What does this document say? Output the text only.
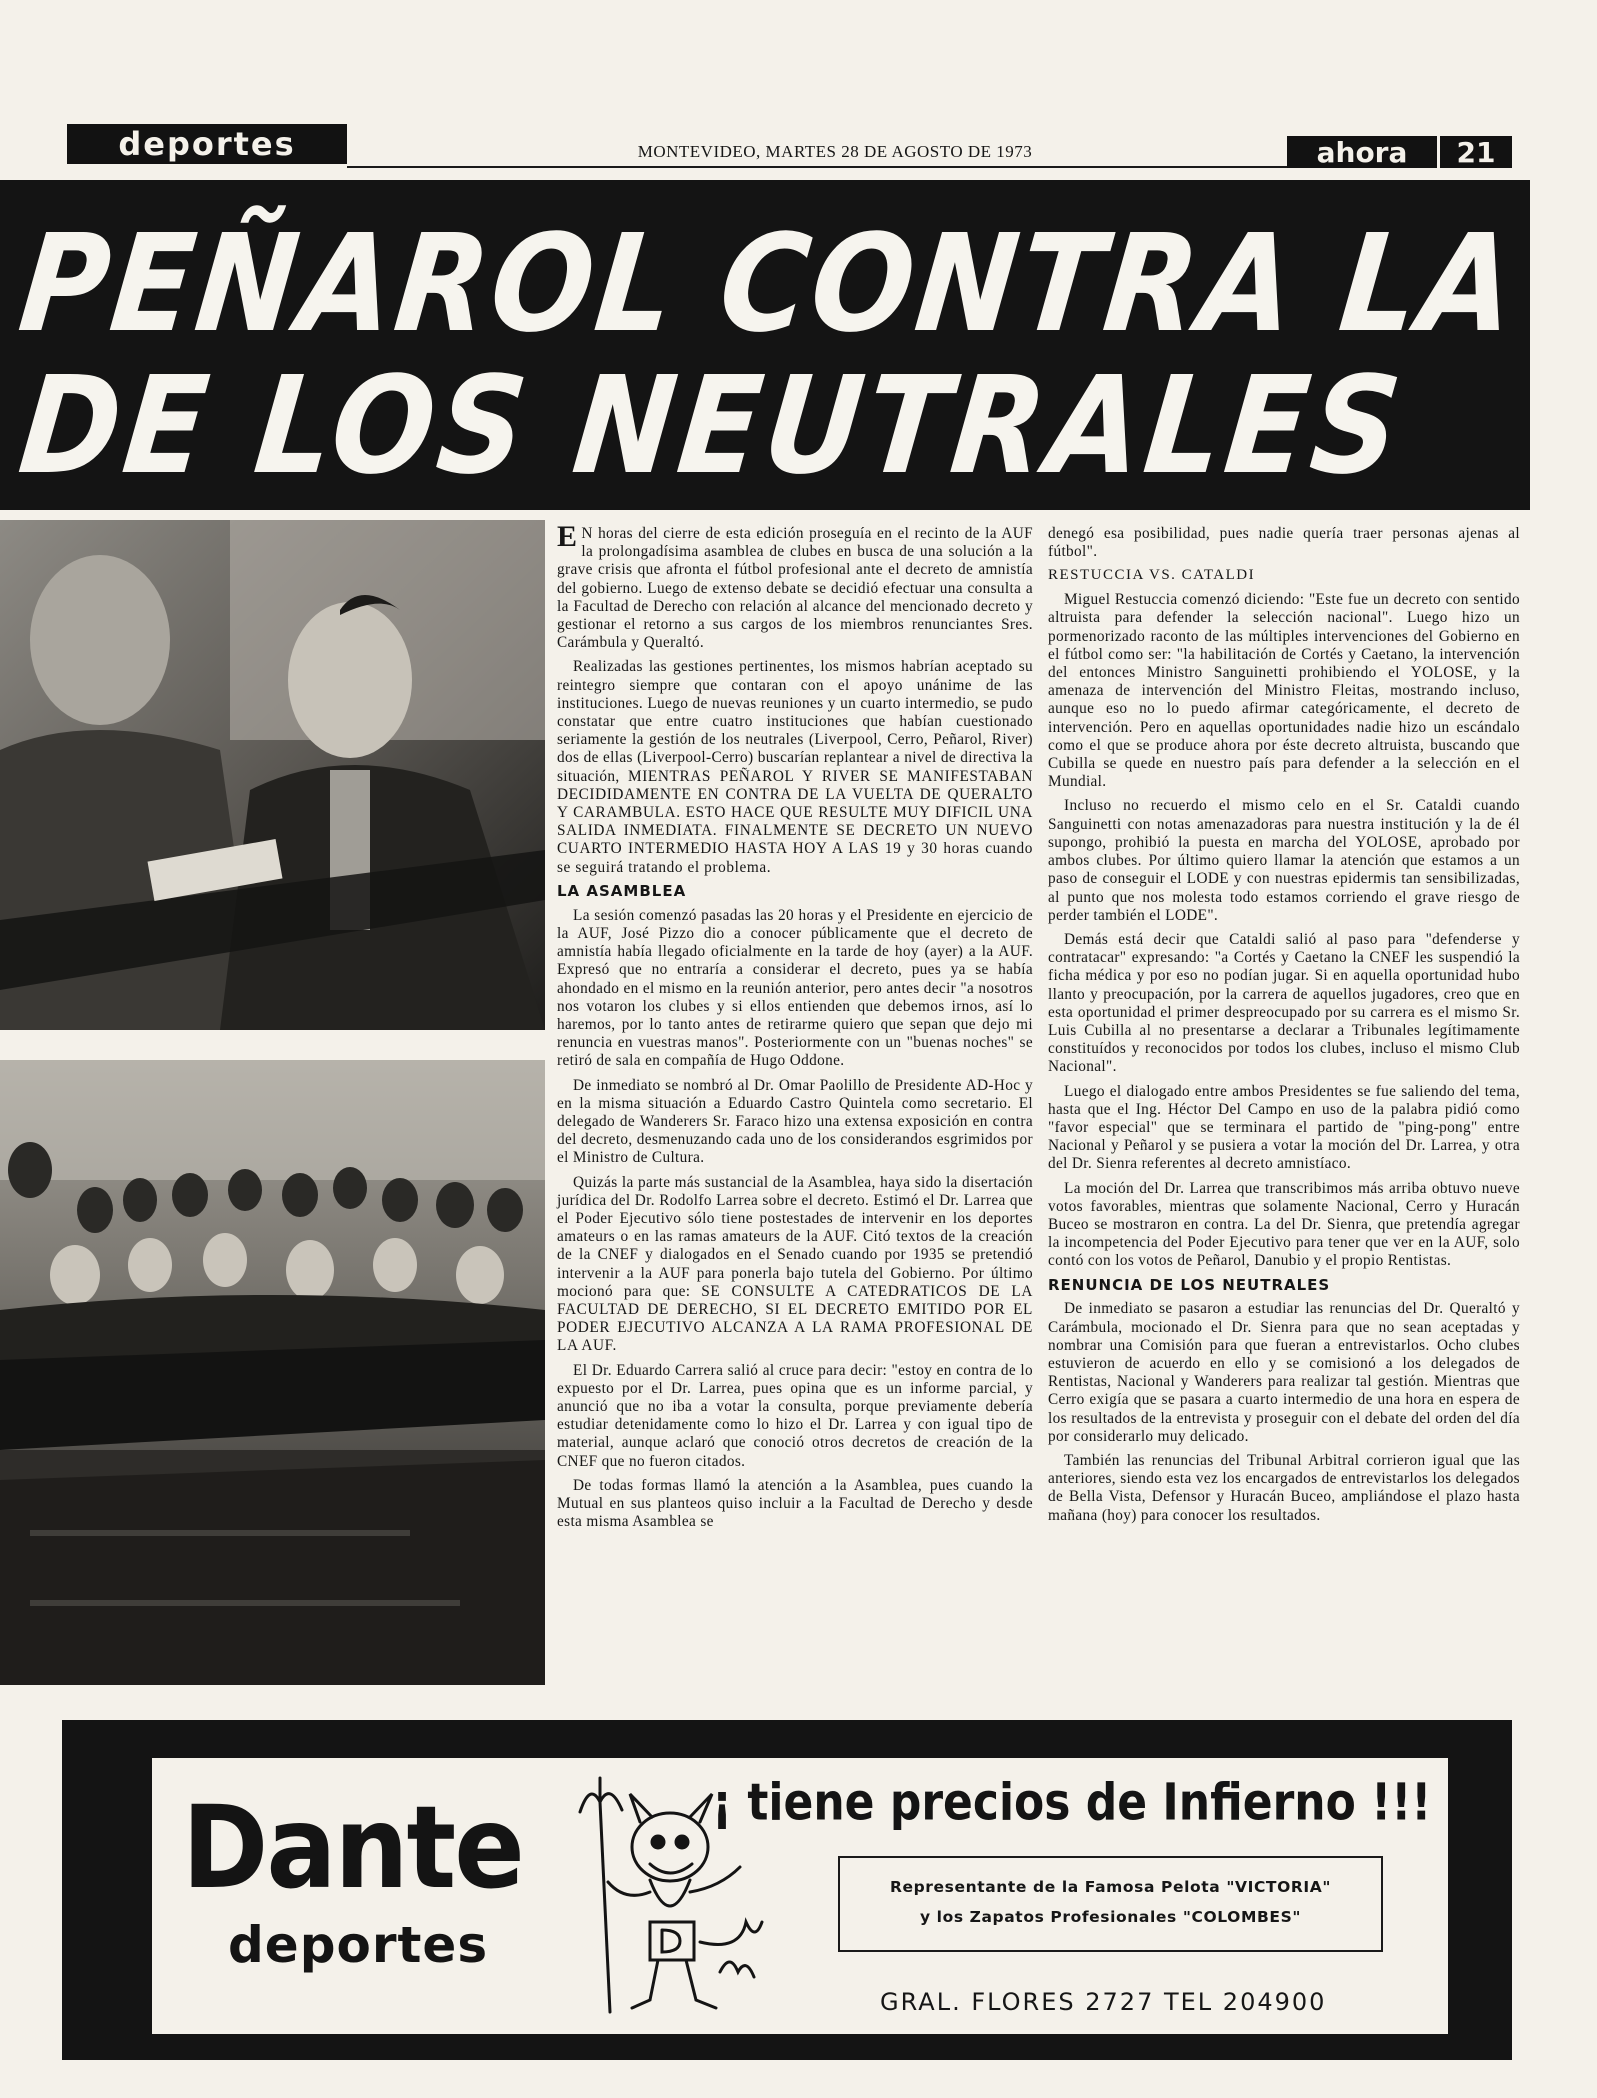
deportes	MONTEVIDEO, MARTES 28 DE AGOSTO DE 1973	ahora	21
PEÑAROL CONTRA LA
DE LOS NEUTRALES

E N horas del cierre de esta edición proseguía en el recinto de la AUF la prolongadísima asamblea de clubes en busca de una solución a la grave crisis que afronta el fútbol profesional ante el decreto de amnistía del gobierno. Luego de extenso debate se decidió efectuar una consulta a la Facultad de Derecho con relación al alcance del mencionado decreto y gestionar el retorno a sus cargos de los miembros renunciantes Sres. Carámbula y Queraltó.

Realizadas las gestiones pertinentes, los mismos habrían aceptado su reintegro siempre que contaran con el apoyo unánime de las instituciones. Luego de nuevas reuniones y un cuarto intermedio, se pudo constatar que entre cuatro instituciones que habían cuestionado seriamente la gestión de los neutrales (Liverpool, Cerro, Peñarol, River) dos de ellas (Liverpool-Cerro) buscarían replantear a nivel de directiva la situación, MIENTRAS PEÑAROL Y RIVER SE MANIFESTABAN DECIDIDAMENTE EN CONTRA DE LA VUELTA DE QUERALTO Y CARAMBULA. ESTO HACE QUE RESULTE MUY DIFICIL UNA SALIDA INMEDIATA. FINALMENTE SE DECRETO UN NUEVO CUARTO INTERMEDIO HASTA HOY A LAS 19 y 30 horas cuando se seguirá tratando el problema.

LA ASAMBLEA

La sesión comenzó pasadas las 20 horas y el Presidente en ejercicio de la AUF, José Pizzo dio a conocer públicamente que el decreto de amnistía había llegado oficialmente en la tarde de hoy (ayer) a la AUF. Expresó que no entraría a considerar el decreto, pues ya se había ahondado en el mismo en la reunión anterior, pero antes decir "a nosotros nos votaron los clubes y si ellos entienden que debemos irnos, así lo haremos, por lo tanto antes de retirarme quiero que sepan que dejo mi renuncia en vuestras manos". Posteriormente con un "buenas noches" se retiró de sala en compañía de Hugo Oddone.

De inmediato se nombró al Dr. Omar Paolillo de Presidente AD-Hoc y en la misma situación a Eduardo Castro Quintela como secretario. El delegado de Wanderers Sr. Faraco hizo una extensa exposición en contra del decreto, desmenuzando cada uno de los considerandos esgrimidos por el Ministro de Cultura.

Quizás la parte más sustancial de la Asamblea, haya sido la disertación jurídica del Dr. Rodolfo Larrea sobre el decreto. Estimó el Dr. Larrea que el Poder Ejecutivo sólo tiene postestades de intervenir en los deportes amateurs o en las ramas amateurs de la AUF. Citó textos de la creación de la CNEF y dialogados en el Senado cuando por 1935 se pretendió intervenir a la AUF para ponerla bajo tutela del Gobierno. Por último mocionó para que: SE CONSULTE A CATEDRATICOS DE LA FACULTAD DE DERECHO, SI EL DECRETO EMITIDO POR EL PODER EJECUTIVO ALCANZA A LA RAMA PROFESIONAL DE LA AUF.

El Dr. Eduardo Carrera salió al cruce para decir: "estoy en contra de lo expuesto por el Dr. Larrea, pues opina que es un informe parcial, y anunció que no iba a votar la consulta, porque previamente debería estudiar detenidamente como lo hizo el Dr. Larrea y con igual tipo de material, aunque aclaró que conoció otros decretos de creación de la CNEF que no fueron citados.

De todas formas llamó la atención a la Asamblea, pues cuando la Mutual en sus planteos quiso incluir a la Facultad de Derecho y desde esta misma Asamblea se

denegó esa posibilidad, pues nadie quería traer personas ajenas al fútbol".

RESTUCCIA VS. CATALDI

Miguel Restuccia comenzó diciendo: "Este fue un decreto con sentido altruista para defender la selección nacional". Luego hizo un pormenorizado raconto de las múltiples intervenciones del Gobierno en el fútbol como ser: "la habilitación de Cortés y Caetano, la intervención del entonces Ministro Sanguinetti prohibiendo el YOLOSE, y la amenaza de intervención del Ministro Fleitas, mostrando incluso, aunque eso no lo puedo afirmar categóricamente, el decreto de intervención. Pero en aquellas oportunidades nadie hizo un escándalo como el que se produce ahora por éste decreto altruista, buscando que Cubilla se quede en nuestro país para defender a la selección en el Mundial.

Incluso no recuerdo el mismo celo en el Sr. Cataldi cuando Sanguinetti con notas amenazadoras para nuestra institución y la de él supongo, prohibió la puesta en marcha del YOLOSE, aprobado por ambos clubes. Por último quiero llamar la atención que estamos a un paso de conseguir el LODE y con nuestras epidermis tan sensibilizadas, al punto que nos molesta todo estamos corriendo el grave riesgo de perder también el LODE".

Demás está decir que Cataldi salió al paso para "defenderse y contratacar" expresando: "a Cortés y Caetano la CNEF les suspendió la ficha médica y por eso no podían jugar. Si en aquella oportunidad hubo llanto y preocupación, por la carrera de aquellos jugadores, creo que en esta oportunidad el primer despreocupado por su carrera es el mismo Sr. Luis Cubilla al no presentarse a declarar a Tribunales legítimamente constituídos y reconocidos por todos los clubes, incluso el mismo Club Nacional".

Luego el dialogado entre ambos Presidentes se fue saliendo del tema, hasta que el Ing. Héctor Del Campo en uso de la palabra pidió como "favor especial" que se terminara el partido de "ping-pong" entre Nacional y Peñarol y se pusiera a votar la moción del Dr. Larrea, y otra del Dr. Sienra referentes al decreto amnistíaco.

La moción del Dr. Larrea que transcribimos más arriba obtuvo nueve votos favorables, mientras que solamente Nacional, Cerro y Huracán Buceo se mostraron en contra. La del Dr. Sienra, que pretendía agregar la incompetencia del Poder Ejecutivo para tener que ver en la AUF, solo contó con los votos de Peñarol, Danubio y el propio Rentistas.

RENUNCIA DE LOS NEUTRALES

De inmediato se pasaron a estudiar las renuncias del Dr. Queraltó y Carámbula, mocionado el Dr. Sienra para que no sean aceptadas y nombrar una Comisión para que fueran a entrevistarlos. Ocho clubes estuvieron de acuerdo en ello y se comisionó a los delegados de Rentistas, Nacional y Wanderers para realizar tal gestión. Mientras que Cerro exigía que se pasara a cuarto intermedio de una hora en espera de los resultados de la entrevista y proseguir con el debate del orden del día por considerarlo muy delicado.

También las renuncias del Tribunal Arbitral corrieron igual que las anteriores, siendo esta vez los encargados de entrevistarlos los delegados de Bella Vista, Defensor y Huracán Buceo, ampliándose el plazo hasta mañana (hoy) para conocer los resultados.

Dante
deportes
¡ tiene precios de Infierno !!!
Representante de la Famosa Pelota "VICTORIA"
y los Zapatos Profesionales "COLOMBES"
GRAL. FLORES 2727 TEL 204900
